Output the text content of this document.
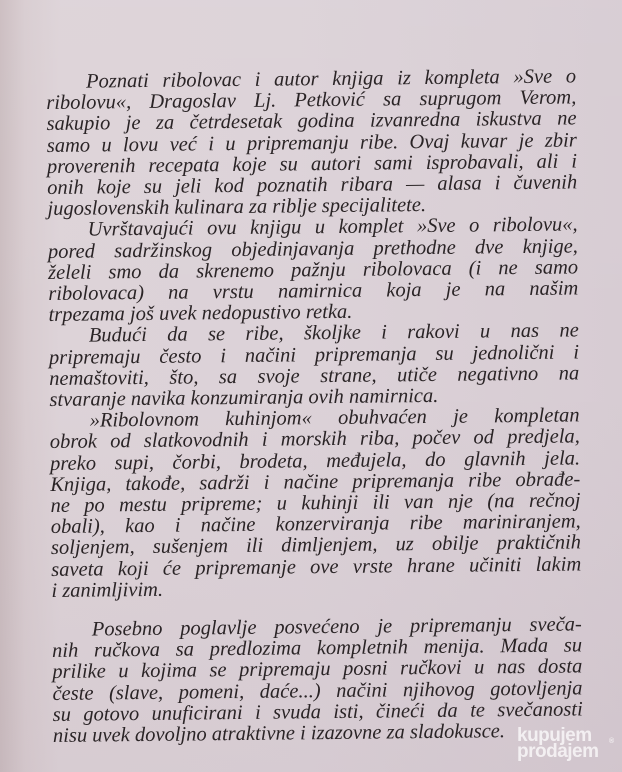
Poznati ribolovac i autor knjiga iz kompleta »Sve o
ribolovu«, Dragoslav Lj. Petković sa suprugom Verom,
sakupio je za četrdesetak godina izvanredna iskustva ne
samo u lovu već i u pripremanju ribe. Ovaj kuvar je zbir
proverenih recepata koje su autori sami isprobavali, ali i
onih koje su jeli kod poznatih ribara — alasa i čuvenih
jugoslovenskih kulinara za riblje specijalitete.
Uvrštavajući ovu knjigu u komplet »Sve o ribolovu«,
pored sadržinskog objedinjavanja prethodne dve knjige,
želeli smo da skrenemo pažnju ribolovaca (i ne samo
ribolovaca) na vrstu namirnica koja je na našim
trpezama još uvek nedopustivo retka.
Budući da se ribe, školjke i rakovi u nas ne
pripremaju često i načini pripremanja su jednolični i
nemaštoviti, što, sa svoje strane, utiče negativno na
stvaranje navika konzumiranja ovih namirnica.
»Ribolovnom kuhinjom« obuhvaćen je kompletan
obrok od slatkovodnih i morskih riba, počev od predjela,
preko supi, čorbi, brodeta, međujela, do glavnih jela.
Knjiga, takođe, sadrži i načine pripremanja ribe obrađe-
ne po mestu pripreme; u kuhinji ili van nje (na rečnoj
obali), kao i načine konzerviranja ribe mariniranjem,
soljenjem, sušenjem ili dimljenjem, uz obilje praktičnih
saveta koji će pripremanje ove vrste hrane učiniti lakim
i zanimljivim.
Posebno poglavlje posvećeno je pripremanju sveča-
nih ručkova sa predlozima kompletnih menija. Mada su
prilike u kojima se pripremaju posni ručkovi u nas dosta
česte (slave, pomeni, daće...) načini njihovog gotovljenja
su gotovo unuficirani i svuda isti, čineći da te svečanosti
nisu uvek dovoljno atraktivne i izazovne za sladokusce. kupujem
prodajem	®
